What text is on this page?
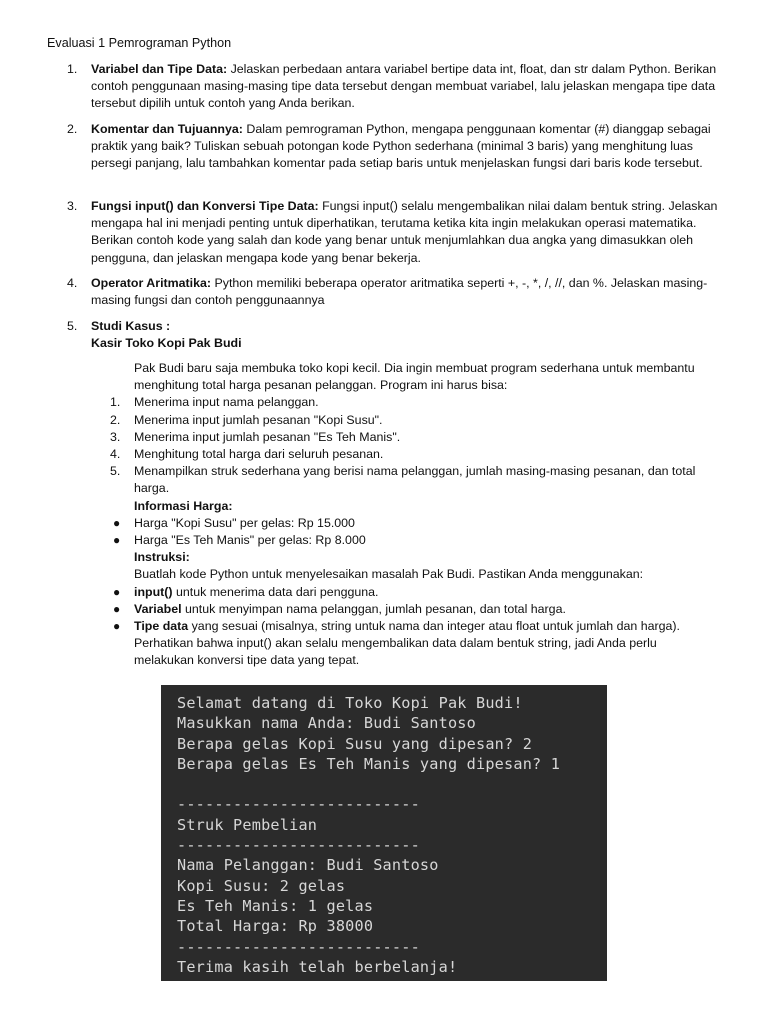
Evaluasi 1 Pemrograman Python
1. Variabel dan Tipe Data: Jelaskan perbedaan antara variabel bertipe data int, float, dan str dalam Python. Berikan contoh penggunaan masing-masing tipe data tersebut dengan membuat variabel, lalu jelaskan mengapa tipe data tersebut dipilih untuk contoh yang Anda berikan.
2. Komentar dan Tujuannya: Dalam pemrograman Python, mengapa penggunaan komentar (#) dianggap sebagai praktik yang baik? Tuliskan sebuah potongan kode Python sederhana (minimal 3 baris) yang menghitung luas persegi panjang, lalu tambahkan komentar pada setiap baris untuk menjelaskan fungsi dari baris kode tersebut.
3. Fungsi input() dan Konversi Tipe Data: Fungsi input() selalu mengembalikan nilai dalam bentuk string. Jelaskan mengapa hal ini menjadi penting untuk diperhatikan, terutama ketika kita ingin melakukan operasi matematika. Berikan contoh kode yang salah dan kode yang benar untuk menjumlahkan dua angka yang dimasukkan oleh pengguna, dan jelaskan mengapa kode yang benar bekerja.
4. Operator Aritmatika: Python memiliki beberapa operator aritmatika seperti +, -, *, /, //, dan %. Jelaskan masing-masing fungsi dan contoh penggunaannya
5. Studi Kasus :
Kasir Toko Kopi Pak Budi
Pak Budi baru saja membuka toko kopi kecil. Dia ingin membuat program sederhana untuk membantu menghitung total harga pesanan pelanggan. Program ini harus bisa:
1. Menerima input nama pelanggan.
2. Menerima input jumlah pesanan "Kopi Susu".
3. Menerima input jumlah pesanan "Es Teh Manis".
4. Menghitung total harga dari seluruh pesanan.
5. Menampilkan struk sederhana yang berisi nama pelanggan, jumlah masing-masing pesanan, dan total harga.
Informasi Harga:
● Harga "Kopi Susu" per gelas: Rp 15.000
● Harga "Es Teh Manis" per gelas: Rp 8.000
Instruksi:
Buatlah kode Python untuk menyelesaikan masalah Pak Budi. Pastikan Anda menggunakan:
● input() untuk menerima data dari pengguna.
● Variabel untuk menyimpan nama pelanggan, jumlah pesanan, dan total harga.
● Tipe data yang sesuai (misalnya, string untuk nama dan integer atau float untuk jumlah dan harga). Perhatikan bahwa input() akan selalu mengembalikan data dalam bentuk string, jadi Anda perlu melakukan konversi tipe data yang tepat.
Selamat datang di Toko Kopi Pak Budi!
Masukkan nama Anda: Budi Santoso
Berapa gelas Kopi Susu yang dipesan? 2
Berapa gelas Es Teh Manis yang dipesan? 1
--------------------------
Struk Pembelian
--------------------------
Nama Pelanggan: Budi Santoso
Kopi Susu: 2 gelas
Es Teh Manis: 1 gelas
Total Harga: Rp 38000
--------------------------
Terima kasih telah berbelanja!
